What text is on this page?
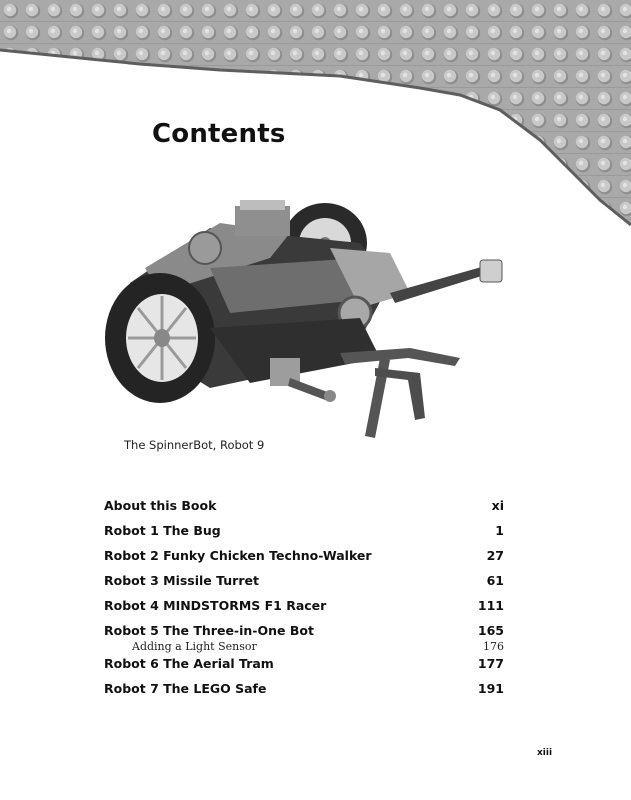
Contents
The SpinnerBot, Robot 9
About this Book	xi
Robot 1 The Bug	1
Robot 2 Funky Chicken Techno-Walker	27
Robot 3 Missile Turret	61
Robot 4 MINDSTORMS F1 Racer	111
Robot 5 The Three-in-One Bot	165
Adding a Light Sensor	176
Robot 6 The Aerial Tram	177
Robot 7 The LEGO Safe	191
xiii
